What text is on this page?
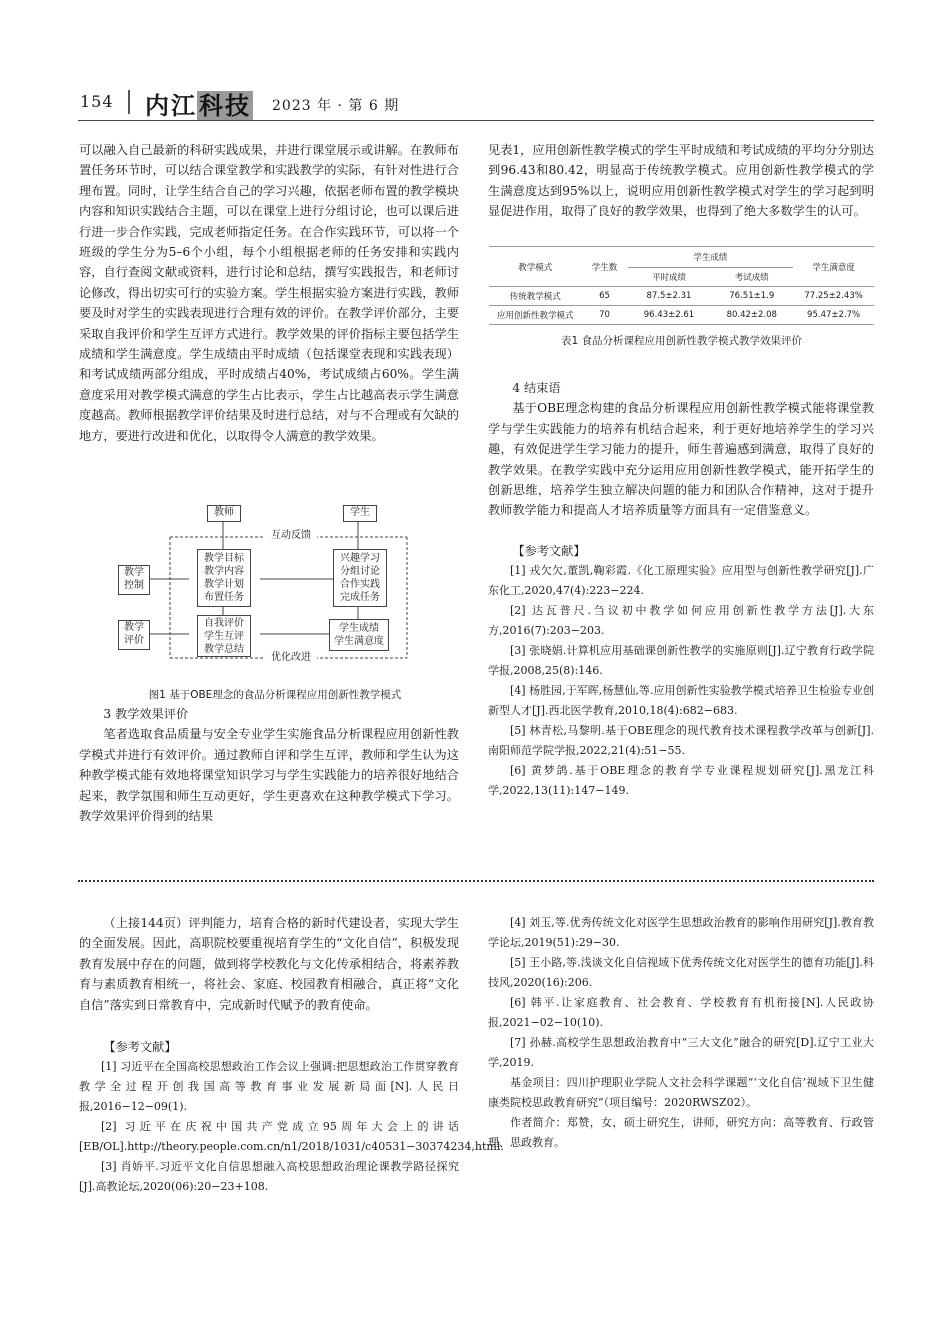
154 内江科技 2023 年 · 第 6 期

可以融入自己最新的科研实践成果，并进行课堂展示或讲解。在教师布置任务环节时，可以结合课堂教学和实践教学的实际，有针对性进行合理布置。同时，让学生结合自己的学习兴趣，依据老师布置的教学模块内容和知识实践结合主题，可以在课堂上进行分组讨论，也可以课后进行进一步合作实践，完成老师指定任务。在合作实践环节，可以将一个班级的学生分为5–6个小组，每个小组根据老师的任务安排和实践内容，自行查阅文献或资料，进行讨论和总结，撰写实践报告，和老师讨论修改，得出切实可行的实验方案。学生根据实验方案进行实践，教师要及时对学生的实践表现进行合理有效的评价。在教学评价部分，主要采取自我评价和学生互评方式进行。教学效果的评价指标主要包括学生成绩和学生满意度。学生成绩由平时成绩（包括课堂表现和实践表现）和考试成绩两部分组成，平时成绩占40%，考试成绩占60%。学生满意度采用对教学模式满意的学生占比表示，学生占比越高表示学生满意度越高。教师根据教学评价结果及时进行总结，对与不合理或有欠缺的地方，要进行改进和优化，以取得令人满意的教学效果。

教师	学生
互动反馈
教学
控制
教学
评价
教学目标
教学内容
教学计划
布置任务
兴趣学习
分组讨论
合作实践
完成任务
自我评价
学生互评
教学总结
学生成绩
学生满意度
优化改进
图1 基于OBE理念的食品分析课程应用创新性教学模式

3 教学效果评价

笔者选取食品质量与安全专业学生实施食品分析课程应用创新性教学模式并进行有效评价。通过教师自评和学生互评，教师和学生认为这种教学模式能有效地将课堂知识学习与学生实践能力的培养很好地结合起来，教学氛围和师生互动更好，学生更喜欢在这种教学模式下学习。教学效果评价得到的结果

见表1，应用创新性教学模式的学生平时成绩和考试成绩的平均分分别达到96.43和80.42，明显高于传统教学模式。应用创新性教学模式的学生满意度达到95%以上，说明应用创新性教学模式对学生的学习起到明显促进作用，取得了良好的教学效果，也得到了绝大多数学生的认可。

教学模式	学生数	学生成绩		学生满意度
		平时成绩	考试成绩	
传统教学模式	65	87.5±2.31	76.51±1.9	77.25±2.43%
应用创新性教学模式	70	96.43±2.61	80.42±2.08	95.47±2.7%
表1 食品分析课程应用创新性教学模式教学效果评价

4 结束语

基于OBE理念构建的食品分析课程应用创新性教学模式能将课堂教学与学生实践能力的培养有机结合起来，利于更好地培养学生的学习兴趣，有效促进学生学习能力的提升，师生普遍感到满意，取得了良好的教学效果。在教学实践中充分运用应用创新性教学模式，能开拓学生的创新思维，培养学生独立解决问题的能力和团队合作精神，这对于提升教师教学能力和提高人才培养质量等方面具有一定借鉴意义。

【参考文献】

[1] 戎欠欠,董凯,鞠彩霞.《化工原理实验》应用型与创新性教学研究[J].广东化工,2020,47(4):223−224.

[2] 达瓦普尺.刍议初中教学如何应用创新性教学方法[J].大东方,2016(7):203−203.

[3] 张晓娟.计算机应用基础课创新性教学的实施原则[J].辽宁教育行政学院学报,2008,25(8):146.

[4] 杨胜园,于军晖,杨慧仙,等.应用创新性实验教学模式培养卫生检验专业创新型人才[J].西北医学教育,2010,18(4):682−683.

[5] 林青松,马黎明.基于OBE理念的现代教育技术课程教学改革与创新[J].南阳师范学院学报,2022,21(4):51−55.

[6] 黄梦鸽.基于OBE理念的教育学专业课程规划研究[J].黑龙江科学,2022,13(11):147−149.

（上接144页）评判能力，培育合格的新时代建设者，实现大学生的全面发展。因此，高职院校要重视培育学生的“文化自信”，积极发现教育发展中存在的问题，做到将学校教化与文化传承相结合，将素养教育与素质教育相统一，将社会、家庭、校园教育相融合，真正将“文化自信”落实到日常教育中，完成新时代赋予的教育使命。

【参考文献】

[1] 习近平在全国高校思想政治工作会议上强调:把思想政治工作贯穿教育教学全过程开创我国高等教育事业发展新局面[N].人民日报,2016−12−09(1).

[2] 习近平在庆祝中国共产党成立95周年大会上的讲话[EB/OL].http://theory.people.com.cn/n1/2018/1031/c40531−30374234,html.

[3] 肖娇平.习近平文化自信思想融入高校思想政治理论课教学路径探究[J].高教论坛,2020(06):20−23+108.

[4] 刘玉,等.优秀传统文化对医学生思想政治教育的影响作用研究[J].教育教学论坛,2019(51):29−30.

[5] 王小路,等.浅谈文化自信视域下优秀传统文化对医学生的德育功能[J].科技风,2020(16):206.

[6] 韩平.让家庭教育、社会教育、学校教育有机衔接[N].人民政协报,2021−02−10(10).

[7] 孙赫.高校学生思想政治教育中“三大文化”融合的研究[D].辽宁工业大学,2019.

基金项目：四川护理职业学院人文社会科学课题“‘文化自信’视域下卫生健康类院校思政教育研究”（项目编号：2020RWSZ02）。

作者简介：郑赞，女，硕士研究生，讲师，研究方向：高等教育、行政管理、思政教育。
